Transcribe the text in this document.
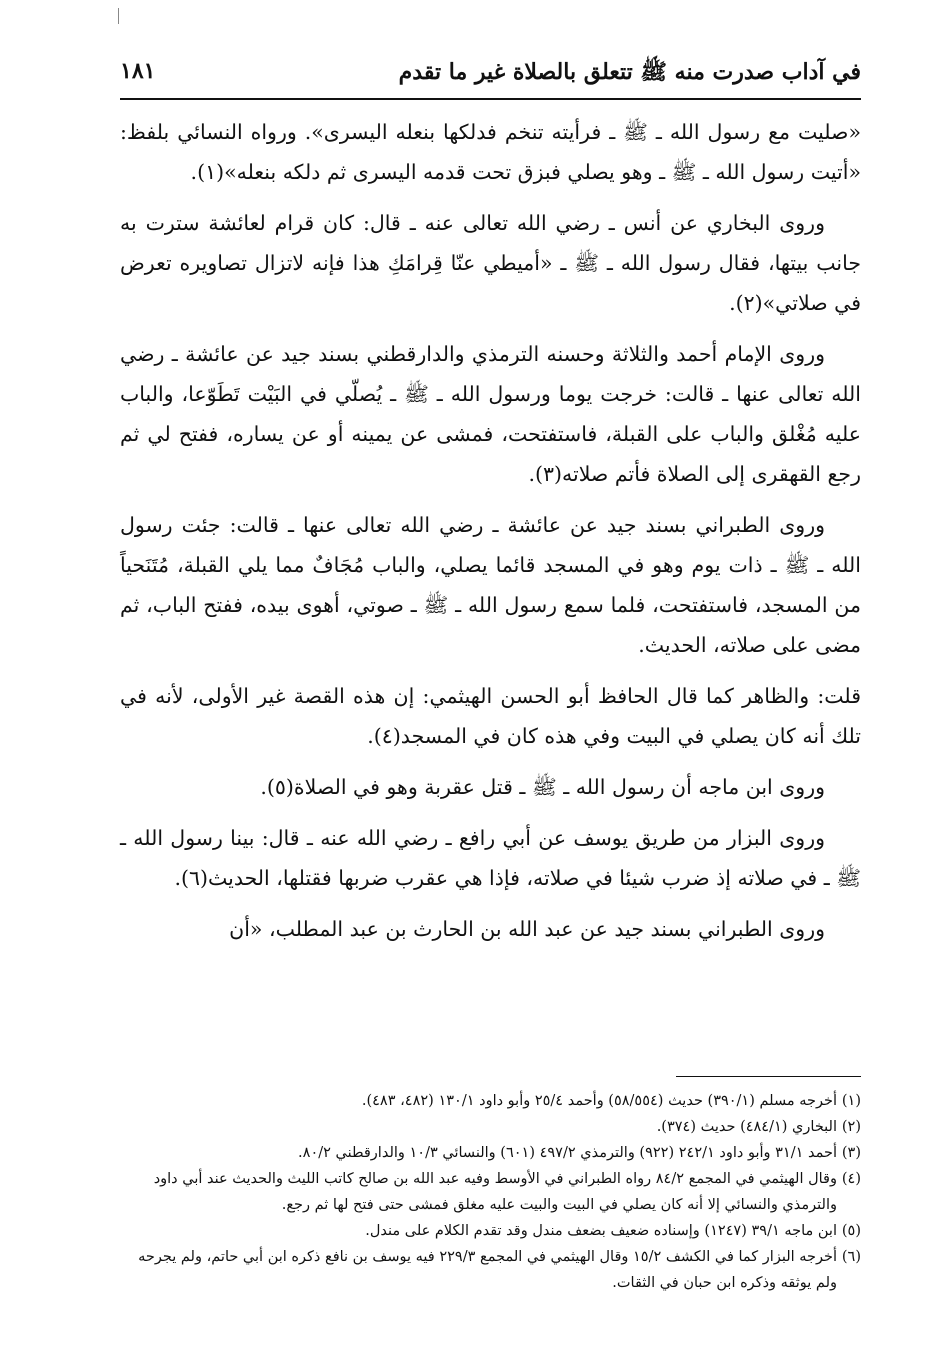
في آداب صدرت منه ﷺ تتعلق بالصلاة غير ما تقدم
١٨١

«صليت مع رسول الله ـ ﷺ ـ فرأيته تنخم فدلكها بنعله اليسرى». ورواه النسائي بلفظ: «أتيت رسول الله ـ ﷺ ـ وهو يصلي فبزق تحت قدمه اليسرى ثم دلكه بنعله»(١).

وروى البخاري عن أنس ـ رضي الله تعالى عنه ـ قال: كان قرام لعائشة سترت به جانب بيتها، فقال رسول الله ـ ﷺ ـ «أميطي عنّا قِرامَكِ هذا فإنه لاتزال تصاويره تعرض في صلاتي»(٢).

وروى الإمام أحمد والثلاثة وحسنه الترمذي والدارقطني بسند جيد عن عائشة ـ رضي الله تعالى عنها ـ قالت: خرجت يوما ورسول الله ـ ﷺ ـ يُصلّي في البَيْت تَطَوّعا، والباب عليه مُغْلق والباب على القبلة، فاستفتحت، فمشى عن يمينه أو عن يساره، ففتح لي ثم رجع القهقرى إلى الصلاة فأتم صلاته(٣).

وروى الطبراني بسند جيد عن عائشة ـ رضي الله تعالى عنها ـ قالت: جئت رسول الله ـ ﷺ ـ ذات يوم وهو في المسجد قائما يصلي، والباب مُجَافٌ مما يلي القبلة، مُتَنَحياً من المسجد، فاستفتحت، فلما سمع رسول الله ـ ﷺ ـ صوتي، أهوى بيده، ففتح الباب، ثم مضى على صلاته، الحديث.

قلت: والظاهر كما قال الحافظ أبو الحسن الهيثمي: إن هذه القصة غير الأولى، لأنه في تلك أنه كان يصلي في البيت وفي هذه كان في المسجد(٤).

وروى ابن ماجه أن رسول الله ـ ﷺ ـ قتل عقربة وهو في الصلاة(٥).

وروى البزار من طريق يوسف عن أبي رافع ـ رضي الله عنه ـ قال: بينا رسول الله ـ ﷺ ـ في صلاته إذ ضرب شيئا في صلاته، فإذا هي عقرب ضربها فقتلها، الحديث(٦).

وروى الطبراني بسند جيد عن عبد الله بن الحارث بن عبد المطلب، «أن

(١)
أخرجه مسلم (٣٩٠/١) حديث (٥٨/٥٥٤) وأحمد ٢٥/٤ وأبو داود ١٣٠/١ (٤٨٢، ٤٨٣).

(٢)
البخاري (٤٨٤/١) حديث (٣٧٤).

(٣)
أحمد ٣١/١ وأبو داود ٢٤٢/١ (٩٢٢) والترمذي ٤٩٧/٢ (٦٠١) والنسائي ١٠/٣ والدارقطني ٨٠/٢.

(٤)
وقال الهيثمي في المجمع ٨٤/٢ رواه الطبراني في الأوسط وفيه عبد الله بن صالح كاتب الليث والحديث عند أبي داود والترمذي والنسائي إلا أنه كان يصلي في البيت والبيت عليه مغلق فمشى حتى فتح لها ثم رجع.

(٥)
ابن ماجه ٣٩/١ (١٢٤٧) وإسناده ضعيف بضعف مندل وقد تقدم الكلام على مندل.

(٦)
أخرجه البزار كما في الكشف ١٥/٢ وقال الهيثمي في المجمع ٢٢٩/٣ فيه يوسف بن نافع ذكره ابن أبي حاتم، ولم يجرحه ولم يوثقه وذكره ابن حبان في الثقات.
